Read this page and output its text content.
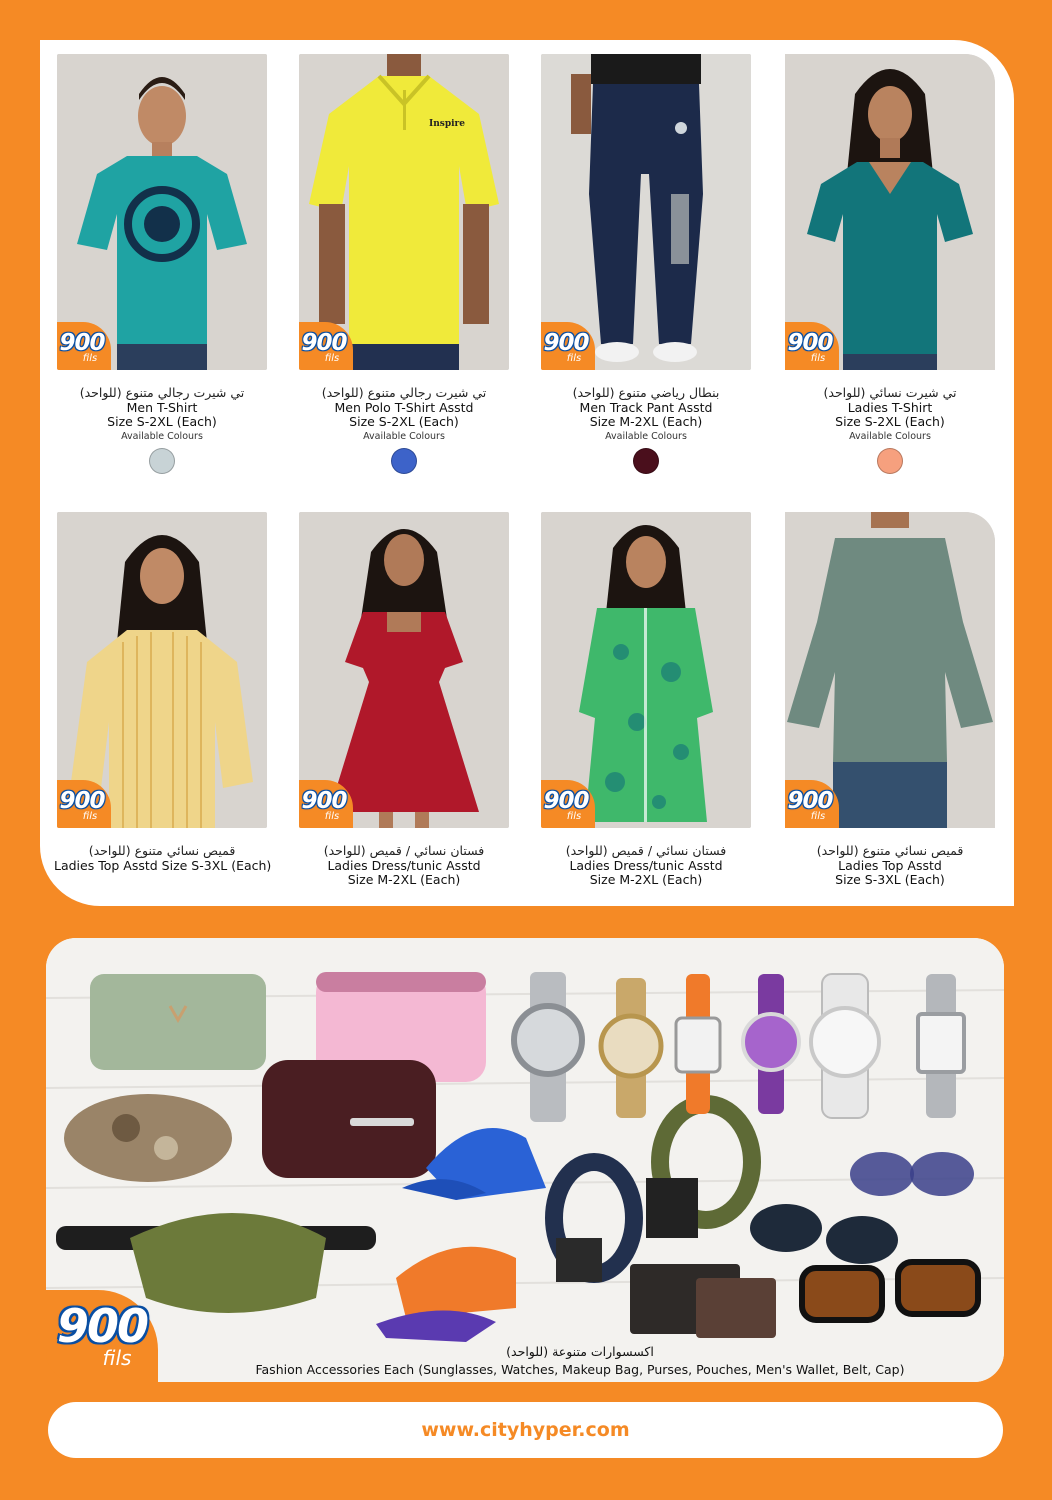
900
fils
تي شيرت رجالي متنوع (للواحد)
Men T-Shirt
Size S-2XL (Each)
Available Colours
Inspire
900
fils
تي شيرت رجالي متنوع (للواحد)
Men Polo T-Shirt Asstd
Size S-2XL (Each)
Available Colours
900
fils
بنطال رياضي متنوع (للواحد)
Men Track Pant Asstd
Size M-2XL (Each)
Available Colours
900
fils
تي شيرت نسائي (للواحد)
Ladies T-Shirt
Size S-2XL (Each)
Available Colours
900
fils
قميص نسائي متنوع (للواحد)
Ladies Top Asstd Size S-3XL (Each)
900
fils
فستان نسائي / قميص (للواحد)
Ladies Dress/tunic Asstd
Size M-2XL (Each)
900
fils
فستان نسائي / قميص (للواحد)
Ladies Dress/tunic Asstd
Size M-2XL (Each)
900
fils
قميص نسائي متنوع (للواحد)
Ladies Top Asstd
Size S-3XL (Each)
900
fils	اكسسوارات متنوعة (للواحد)
Fashion Accessories Each (Sunglasses, Watches, Makeup Bag, Purses, Pouches, Men's Wallet, Belt, Cap)
www.cityhyper.com
